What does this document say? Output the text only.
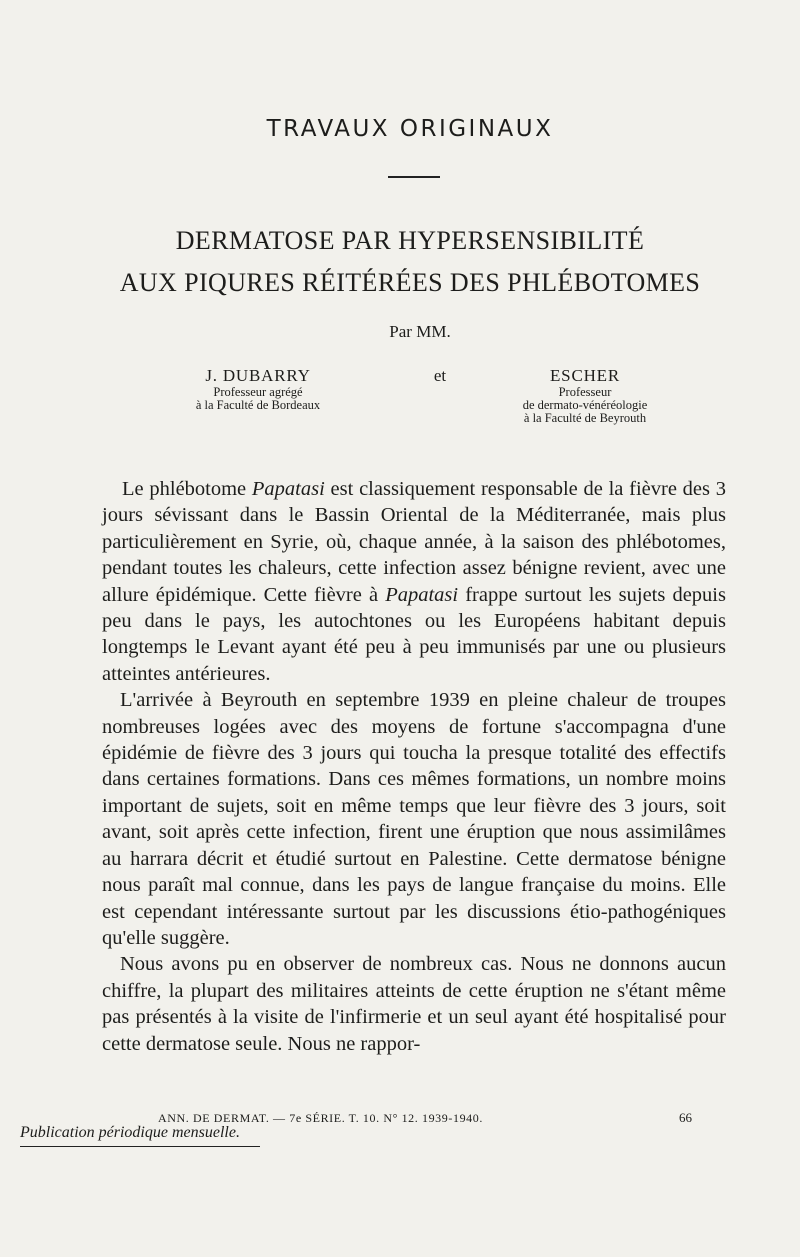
TRAVAUX ORIGINAUX
DERMATOSE PAR HYPERSENSIBILITÉ
AUX PIQURES RÉITÉRÉES DES PHLÉBOTOMES
Par MM.
J. DUBARRY
Professeur agrégé
à la Faculté de Bordeaux
et	ESCHER
Professeur
de dermato-vénéréologie
à la Faculté de Beyrouth

Le phlébotome Papatasi est classiquement responsable de la fièvre des 3 jours sévissant dans le Bassin Oriental de la Méditerranée, mais plus particulièrement en Syrie, où, chaque année, à la saison des phlébotomes, pendant toutes les chaleurs, cette infection assez bénigne revient, avec une allure épidémique. Cette fièvre à Papatasi frappe surtout les sujets depuis peu dans le pays, les autochtones ou les Européens habitant depuis longtemps le Levant ayant été peu à peu immunisés par une ou plusieurs atteintes antérieures.

L'arrivée à Beyrouth en septembre 1939 en pleine chaleur de troupes nombreuses logées avec des moyens de fortune s'accompagna d'une épidémie de fièvre des 3 jours qui toucha la presque totalité des effectifs dans certaines formations. Dans ces mêmes formations, un nombre moins important de sujets, soit en même temps que leur fièvre des 3 jours, soit avant, soit après cette infection, firent une éruption que nous assimilâmes au harrara décrit et étudié surtout en Palestine. Cette dermatose bénigne nous paraît mal connue, dans les pays de langue française du moins. Elle est cependant intéressante surtout par les discussions étio-pathogéniques qu'elle suggère.

Nous avons pu en observer de nombreux cas. Nous ne donnons aucun chiffre, la plupart des militaires atteints de cette éruption ne s'étant même pas présentés à la visite de l'infirmerie et un seul ayant été hospitalisé pour cette dermatose seule. Nous ne rappor-

ANN. DE DERMAT. — 7e SÉRIE. T. 10. N° 12. 1939-1940.	66
Publication périodique mensuelle.
